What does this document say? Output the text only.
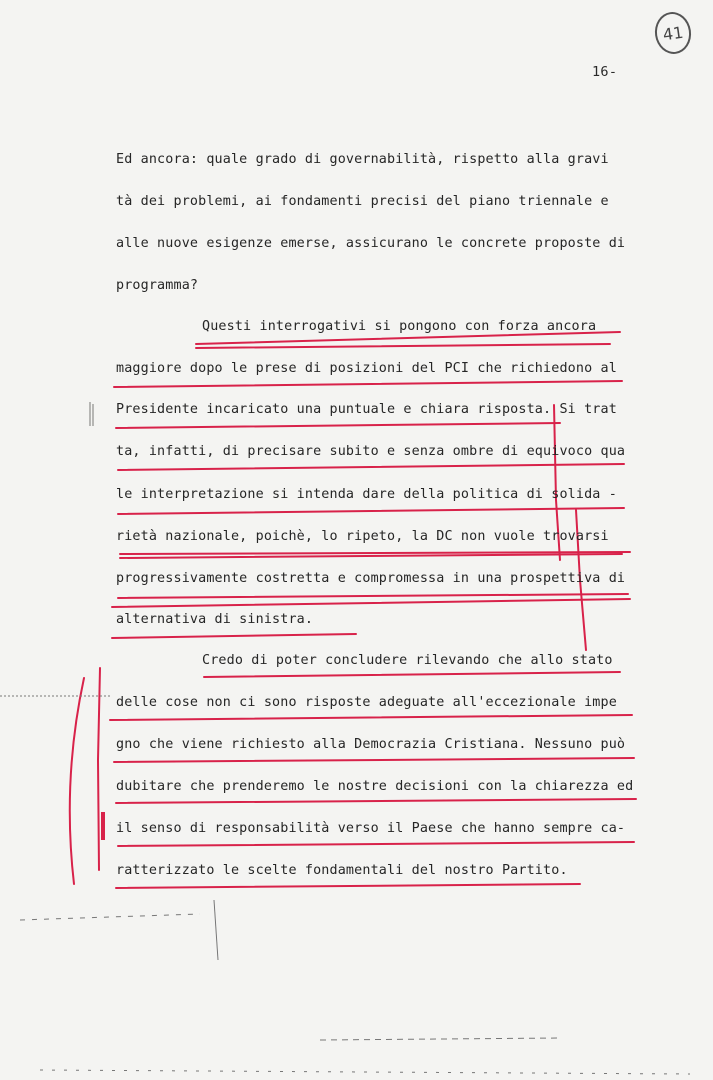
41
16-
Ed ancora: quale grado di governabilità, rispetto alla gravi
tà dei problemi, ai fondamenti precisi del piano triennale e
alle nuove esigenze emerse, assicurano le concrete proposte di
programma?
Questi interrogativi si pongono con forza ancora
maggiore dopo le prese di posizioni del PCI che richiedono al
Presidente incaricato una puntuale e chiara risposta. Si trat
ta, infatti, di precisare subito e senza ombre di equivoco qua
le interpretazione si intenda dare della politica di solida -
rietà nazionale, poichè, lo ripeto, la DC non vuole trovarsi
progressivamente costretta e compromessa in una prospettiva di
alternativa di sinistra.
Credo di poter concludere rilevando che allo stato
delle cose non ci sono risposte adeguate all'eccezionale impe
gno che viene richiesto alla Democrazia Cristiana. Nessuno può
dubitare che prenderemo le nostre decisioni con la chiarezza ed
il senso di responsabilità verso il Paese che hanno sempre ca-
ratterizzato le scelte fondamentali del nostro Partito.
